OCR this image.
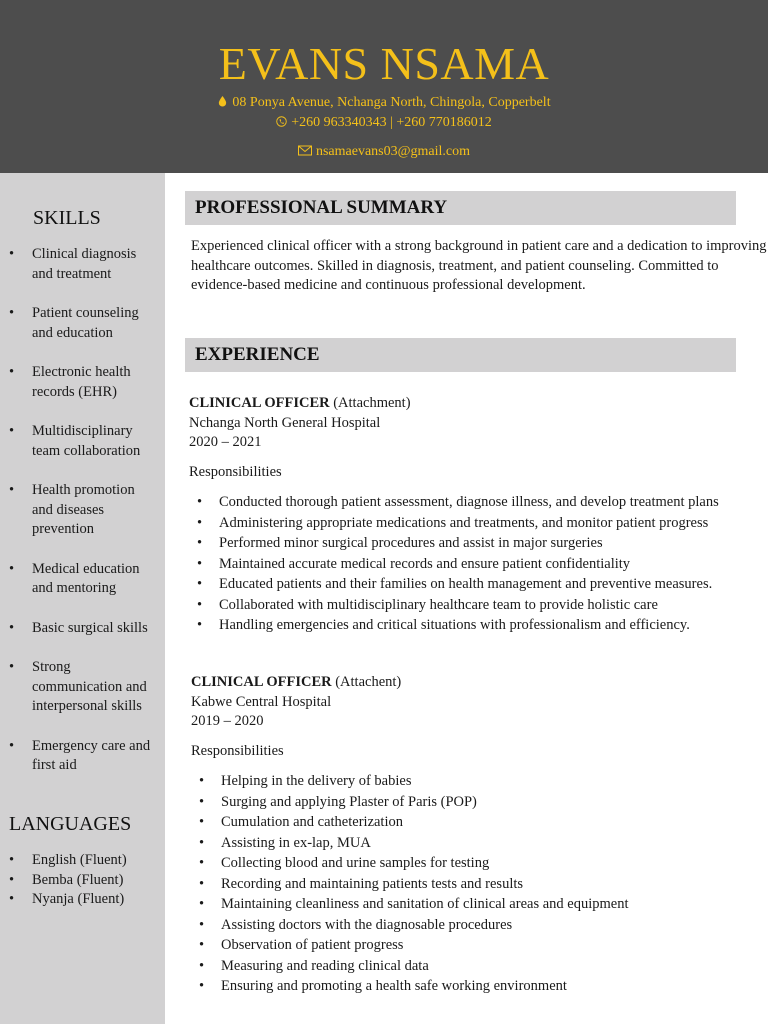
EVANS NSAMA
08 Ponya Avenue, Nchanga North, Chingola, Copperbelt
+260 963340343 | +260 770186012
nsamaevans03@gmail.com
SKILLS
• Clinical diagnosis and treatment
• Patient counseling and education
• Electronic health records (EHR)
• Multidisciplinary team collaboration
• Health promotion and diseases prevention
• Medical education and mentoring
• Basic surgical skills
• Strong communication and interpersonal skills
• Emergency care and first aid
LANGUAGES
• English (Fluent)
• Bemba (Fluent)
• Nyanja (Fluent)
PROFESSIONAL SUMMARY
Experienced clinical officer with a strong background in patient care and a dedication to improving
healthcare outcomes. Skilled in diagnosis, treatment, and patient counseling. Committed to
evidence-based medicine and continuous professional development.
EXPERIENCE
CLINICAL OFFICER (Attachment)
Nchanga North General Hospital
2020 – 2021
Responsibilities
• Conducted thorough patient assessment, diagnose illness, and develop treatment plans
• Administering appropriate medications and treatments, and monitor patient progress
• Performed minor surgical procedures and assist in major surgeries
• Maintained accurate medical records and ensure patient confidentiality
• Educated patients and their families on health management and preventive measures.
• Collaborated with multidisciplinary healthcare team to provide holistic care
• Handling emergencies and critical situations with professionalism and efficiency.
CLINICAL OFFICER (Attachent)
Kabwe Central Hospital
2019 – 2020
Responsibilities
• Helping in the delivery of babies
• Surging and applying Plaster of Paris (POP)
• Cumulation and catheterization
• Assisting in ex-lap, MUA
• Collecting blood and urine samples for testing
• Recording and maintaining patients tests and results
• Maintaining cleanliness and sanitation of clinical areas and equipment
• Assisting doctors with the diagnosable procedures
• Observation of patient progress
• Measuring and reading clinical data
• Ensuring and promoting a health safe working environment
